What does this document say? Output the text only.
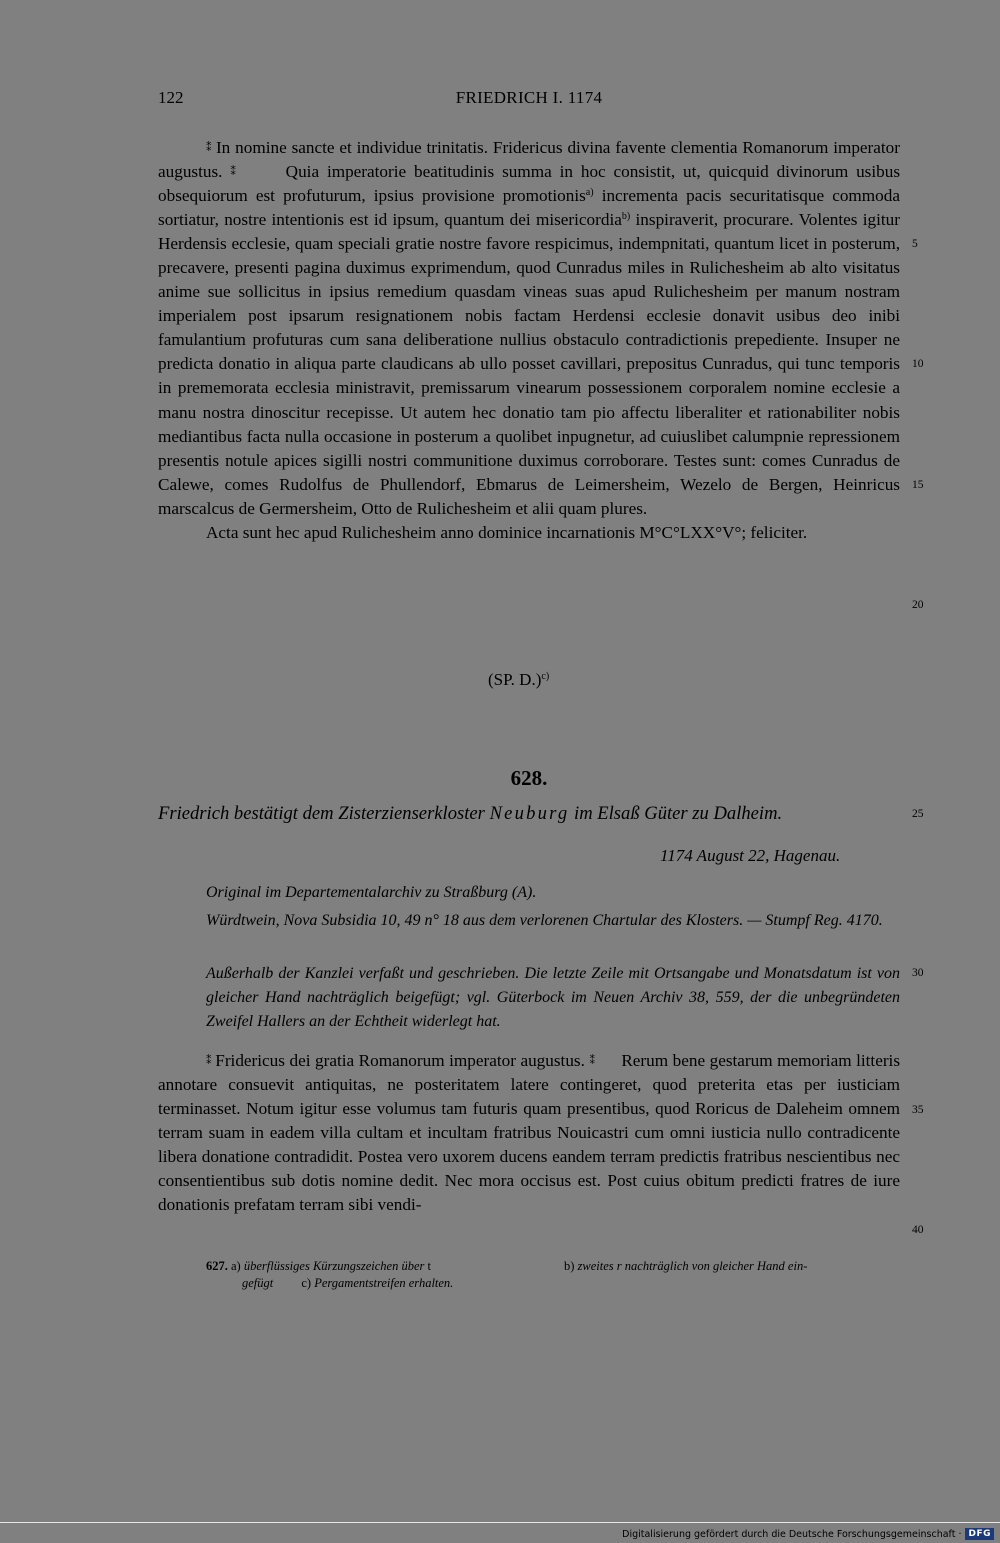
122	FRIEDRICH I. 1174

⁑ In nomine sancte et individue trinitatis. Fridericus divina favente clementia Romanorum imperator augustus. ⁑	Quia imperatorie beatitudinis summa in hoc consistit, ut, quicquid divinorum usibus obsequiorum est profuturum, ipsius provisione promotionis$^{a)}$ incrementa pacis securitatisque commoda sortiatur, nostre intentionis est id ipsum, quantum dei misericordia$^{b)}$ inspiraverit, procurare. Volentes igitur Herdensis ecclesie, quam speciali gratie nostre favore respicimus, indempnitati, quantum licet in posterum, precavere, presenti pagina duximus exprimendum, quod Cunradus miles in Rulichesheim ab alto visitatus anime sue sollicitus in ipsius remedium quasdam vineas suas apud Rulichesheim per manum nostram imperialem post ipsarum resignationem nobis factam Herdensi ecclesie donavit usibus deo inibi famulantium profuturas cum sana deliberatione nullius obstaculo contradictionis prepediente. Insuper ne predicta donatio in aliqua parte claudicans ab ullo posset cavillari, prepositus Cunradus, qui tunc temporis in prememorata ecclesia ministravit, premissarum vinearum possessionem corporalem nomine ecclesie a manu nostra dinoscitur recepisse. Ut autem hec donatio tam pio affectu liberaliter et rationabiliter nobis mediantibus facta nulla occasione in posterum a quolibet inpugnetur, ad cuiuslibet calumpnie repressionem presentis notule apices sigilli nostri communitione duximus corroborare. Testes sunt: comes Cunradus de Calewe, comes Rudolfus de Phullendorf, Ebmarus de Leimersheim, Wezelo de Bergen, Heinricus marscalcus de Germersheim, Otto de Rulichesheim et alii quam plures.

Acta sunt hec apud Rulichesheim anno dominice incarnationis M°C°LXX°V°; feliciter.

(SP. D.)$^{c)}$
628.
Friedrich bestätigt dem Zisterzienserkloster Neuburg im Elsaß Güter zu Dalheim.
1174 August 22, Hagenau.

Original im Departementalarchiv zu Straßburg (A).

Würdtwein, Nova Subsidia 10, 49 n° 18 aus dem verlorenen Chartular des Klosters. — Stumpf Reg. 4170.

Außerhalb der Kanzlei verfaßt und geschrieben. Die letzte Zeile mit Ortsangabe und Monatsdatum ist von gleicher Hand nachträglich beigefügt; vgl. Güterbock im Neuen Archiv 38, 559, der die unbegründeten Zweifel Hallers an der Echtheit widerlegt hat.

⁑ Fridericus dei gratia Romanorum imperator augustus. ⁑ Rerum bene gestarum memoriam litteris annotare consuevit antiquitas, ne posteritatem latere contingeret, quod preterita etas per iusticiam terminasset. Notum igitur esse volumus tam futuris quam presentibus, quod Roricus de Daleheim omnem terram suam in eadem villa cultam et incultam fratribus Nouicastri cum omni iusticia nullo contradicente libera donatione contradidit. Postea vero uxorem ducens eandem terram predictis fratribus nescientibus nec consentientibus sub dotis nomine dedit. Nec mora occisus est. Post cuius obitum predicti fratres de iure donationis prefatam terram sibi vendi-

5
10
15
20
25
30
35
40
627. a) überflüssiges Kürzungszeichen über t
gefügt c) Pergamentstreifen erhalten.
b) zweites r nachträglich von gleicher Hand ein-
Digitalisierung gefördert durch die Deutsche Forschungsgemeinschaft · DFG
